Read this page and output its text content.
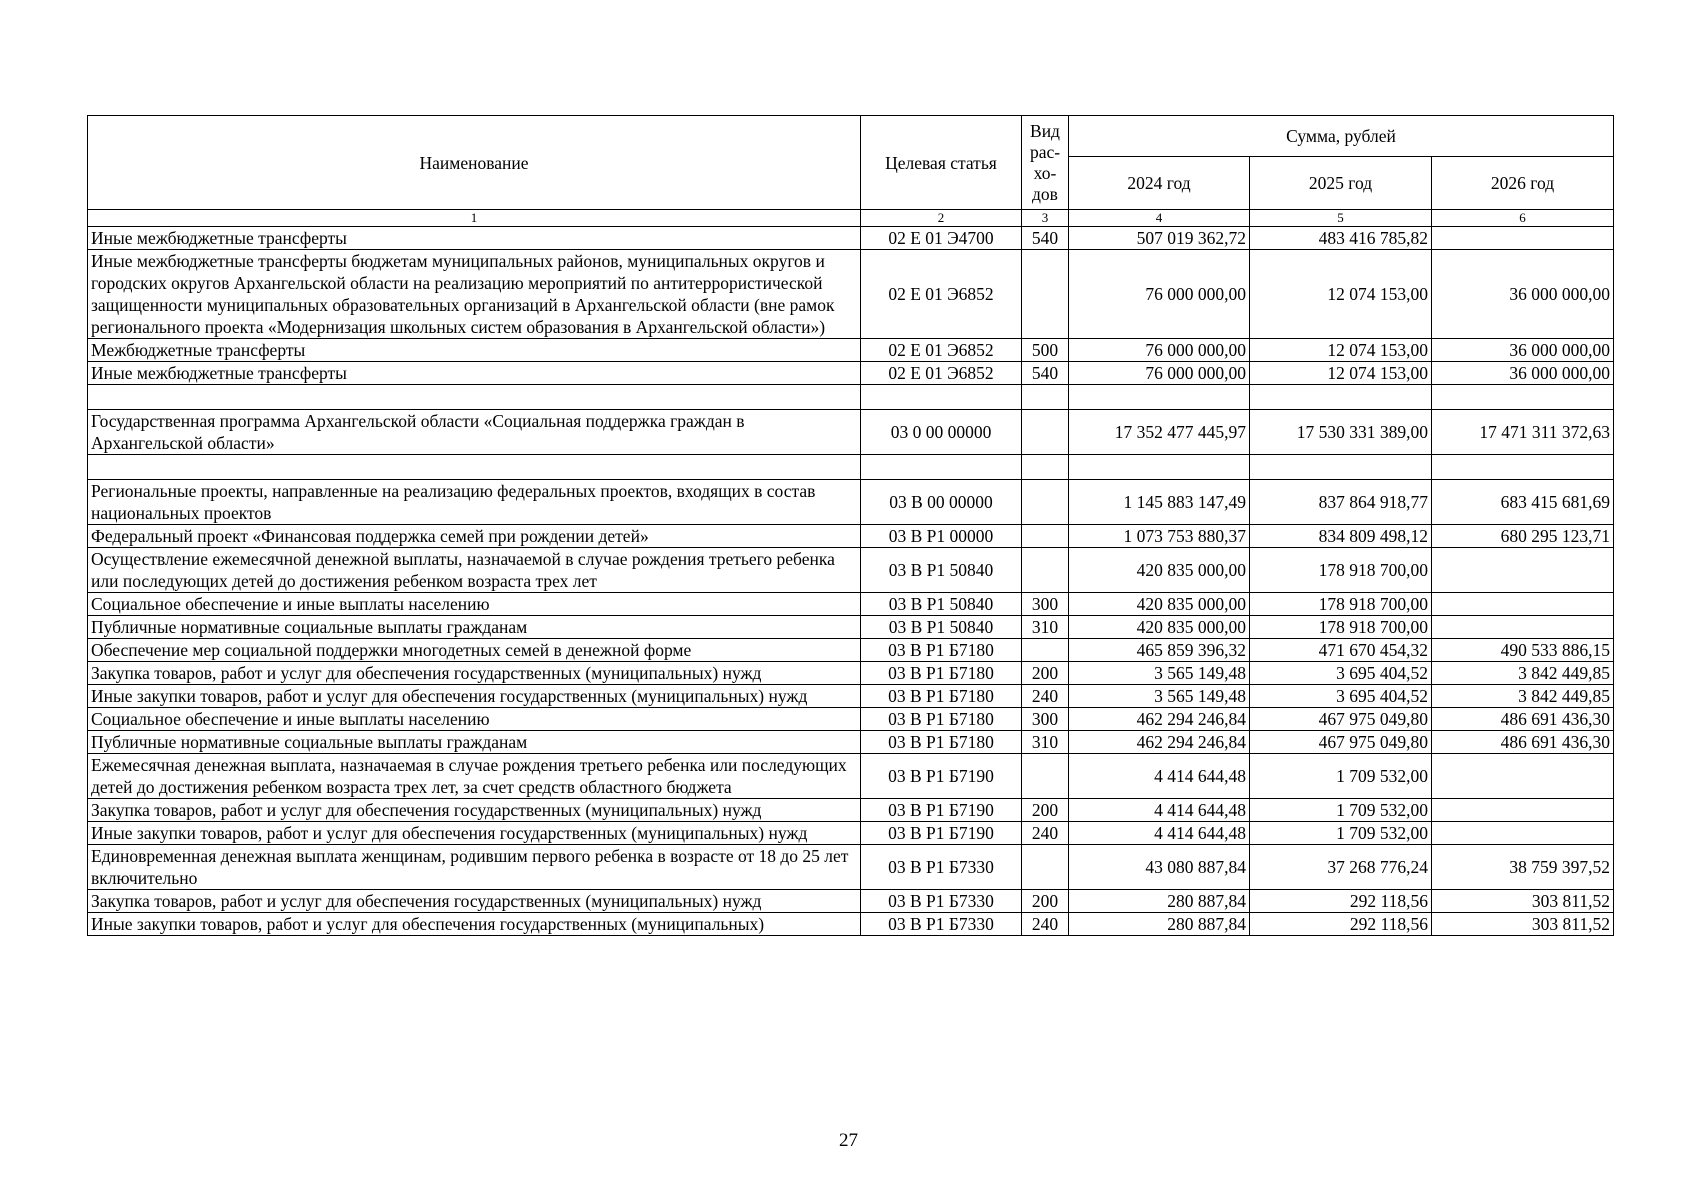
Наименование	Целевая статья	Вид рас- хо- дов	Сумма, рублей		
			2024 год	2025 год	2026 год
1	2	3	4	5	6
Иные межбюджетные трансферты	02 Е 01 Э4700	540	507 019 362,72	483 416 785,82	
Иные межбюджетные трансферты бюджетам муниципальных районов, муниципальных округов и городских округов Архангельской области на реализацию мероприятий по антитеррористической защищенности муниципальных образовательных организаций в Архангельской области (вне рамок регионального проекта «Модернизация школьных систем образования в Архангельской области»)	02 Е 01 Э6852		76 000 000,00	12 074 153,00	36 000 000,00
Межбюджетные трансферты	02 Е 01 Э6852	500	76 000 000,00	12 074 153,00	36 000 000,00
Иные межбюджетные трансферты	02 Е 01 Э6852	540	76 000 000,00	12 074 153,00	36 000 000,00

Государственная программа Архангельской области «Социальная поддержка граждан в Архангельской области»	03 0 00 00000		17 352 477 445,97	17 530 331 389,00	17 471 311 372,63

Региональные проекты, направленные на реализацию федеральных проектов, входящих в состав национальных проектов	03 В 00 00000		1 145 883 147,49	837 864 918,77	683 415 681,69
Федеральный проект «Финансовая поддержка семей при рождении детей»	03 В Р1 00000		1 073 753 880,37	834 809 498,12	680 295 123,71
Осуществление ежемесячной денежной выплаты, назначаемой в случае рождения третьего ребенка или последующих детей до достижения ребенком возраста трех лет	03 В Р1 50840		420 835 000,00	178 918 700,00	
Социальное обеспечение и иные выплаты населению	03 В Р1 50840	300	420 835 000,00	178 918 700,00	
Публичные нормативные социальные выплаты гражданам	03 В Р1 50840	310	420 835 000,00	178 918 700,00	
Обеспечение мер социальной поддержки многодетных семей в денежной форме	03 В Р1 Б7180		465 859 396,32	471 670 454,32	490 533 886,15
Закупка товаров, работ и услуг для обеспечения государственных (муниципальных) нужд	03 В Р1 Б7180	200	3 565 149,48	3 695 404,52	3 842 449,85
Иные закупки товаров, работ и услуг для обеспечения государственных (муниципальных) нужд	03 В Р1 Б7180	240	3 565 149,48	3 695 404,52	3 842 449,85
Социальное обеспечение и иные выплаты населению	03 В Р1 Б7180	300	462 294 246,84	467 975 049,80	486 691 436,30
Публичные нормативные социальные выплаты гражданам	03 В Р1 Б7180	310	462 294 246,84	467 975 049,80	486 691 436,30
Ежемесячная денежная выплата, назначаемая в случае рождения третьего ребенка или последующих детей до достижения ребенком возраста трех лет, за счет средств областного бюджета	03 В Р1 Б7190		4 414 644,48	1 709 532,00	
Закупка товаров, работ и услуг для обеспечения государственных (муниципальных) нужд	03 В Р1 Б7190	200	4 414 644,48	1 709 532,00	
Иные закупки товаров, работ и услуг для обеспечения государственных (муниципальных) нужд	03 В Р1 Б7190	240	4 414 644,48	1 709 532,00	
Единовременная денежная выплата женщинам, родившим первого ребенка в возрасте от 18 до 25 лет включительно	03 В Р1 Б7330		43 080 887,84	37 268 776,24	38 759 397,52
Закупка товаров, работ и услуг для обеспечения государственных (муниципальных) нужд	03 В Р1 Б7330	200	280 887,84	292 118,56	303 811,52
Иные закупки товаров, работ и услуг для обеспечения государственных (муниципальных)	03 В Р1 Б7330	240	280 887,84	292 118,56	303 811,52
27
